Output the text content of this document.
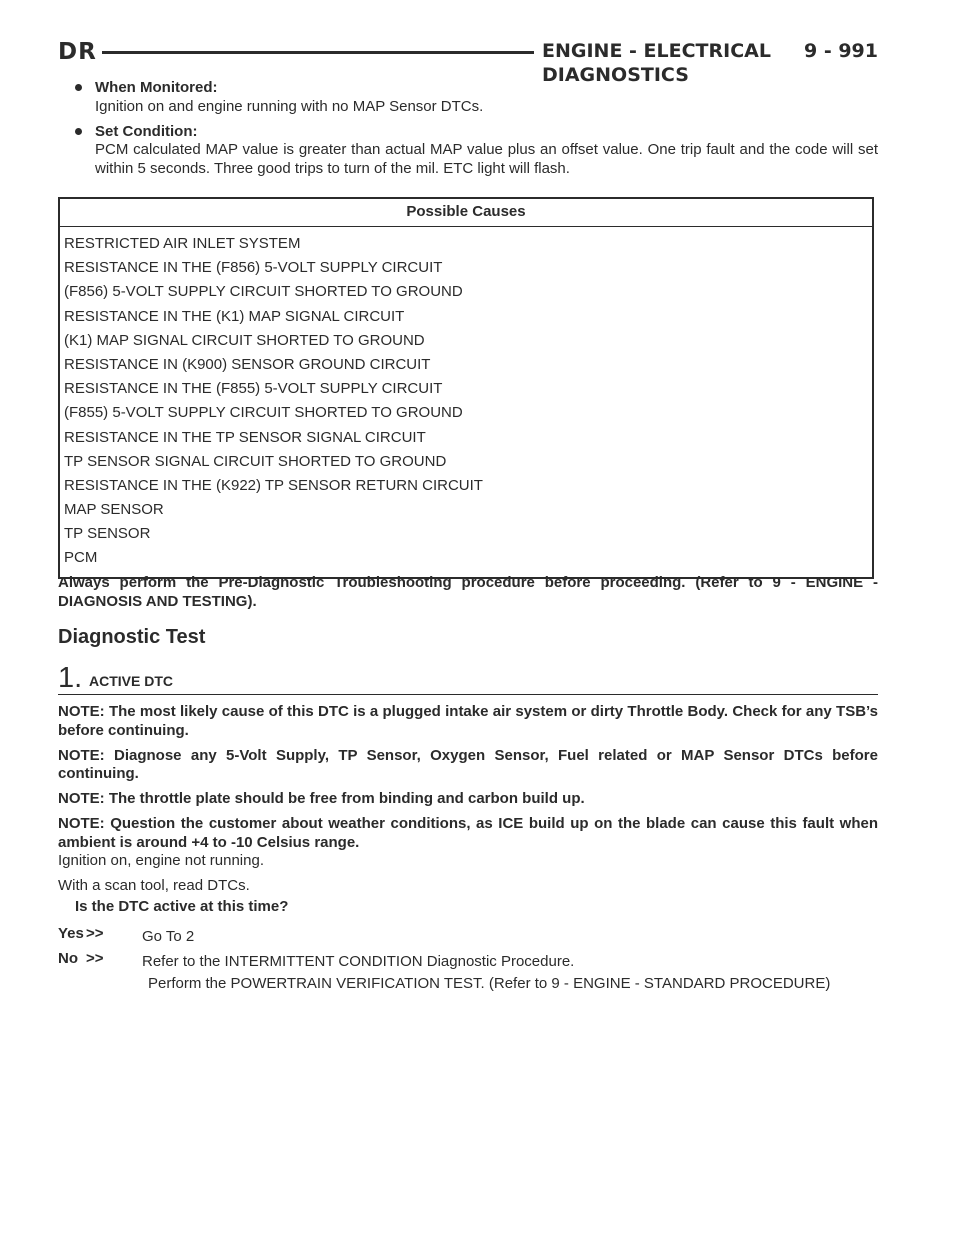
DR	ENGINE - ELECTRICAL DIAGNOSTICS
9 - 991
When Monitored:
Ignition on and engine running with no MAP Sensor DTCs.
Set Condition:
PCM calculated MAP value is greater than actual MAP value plus an offset value. One trip fault and the code will set within 5 seconds. Three good trips to turn of the mil. ETC light will flash.
Possible Causes
RESTRICTED AIR INLET SYSTEM
RESISTANCE IN THE (F856) 5-VOLT SUPPLY CIRCUIT
(F856) 5-VOLT SUPPLY CIRCUIT SHORTED TO GROUND
RESISTANCE IN THE (K1) MAP SIGNAL CIRCUIT
(K1) MAP SIGNAL CIRCUIT SHORTED TO GROUND
RESISTANCE IN (K900) SENSOR GROUND CIRCUIT
RESISTANCE IN THE (F855) 5-VOLT SUPPLY CIRCUIT
(F855) 5-VOLT SUPPLY CIRCUIT SHORTED TO GROUND
RESISTANCE IN THE TP SENSOR SIGNAL CIRCUIT
TP SENSOR SIGNAL CIRCUIT SHORTED TO GROUND
RESISTANCE IN THE (K922) TP SENSOR RETURN CIRCUIT
MAP SENSOR
TP SENSOR
PCM
Always perform the Pre-Diagnostic Troubleshooting procedure before proceeding. (Refer to 9 - ENGINE - DIAGNOSIS AND TESTING).
Diagnostic Test
1. ACTIVE DTC
NOTE: The most likely cause of this DTC is a plugged intake air system or dirty Throttle Body. Check for any TSB’s before continuing.
NOTE: Diagnose any 5-Volt Supply, TP Sensor, Oxygen Sensor, Fuel related or MAP Sensor DTCs before continuing.
NOTE: The throttle plate should be free from binding and carbon build up.
NOTE: Question the customer about weather conditions, as ICE build up on the blade can cause this fault when ambient is around +4 to -10 Celsius range.
Ignition on, engine not running.
With a scan tool, read DTCs.
Is the DTC active at this time?
Yes >>	Go To 2
No >>	Refer to the INTERMITTENT CONDITION Diagnostic Procedure.
Perform the POWERTRAIN VERIFICATION TEST. (Refer to 9 - ENGINE - STANDARD PROCEDURE)
